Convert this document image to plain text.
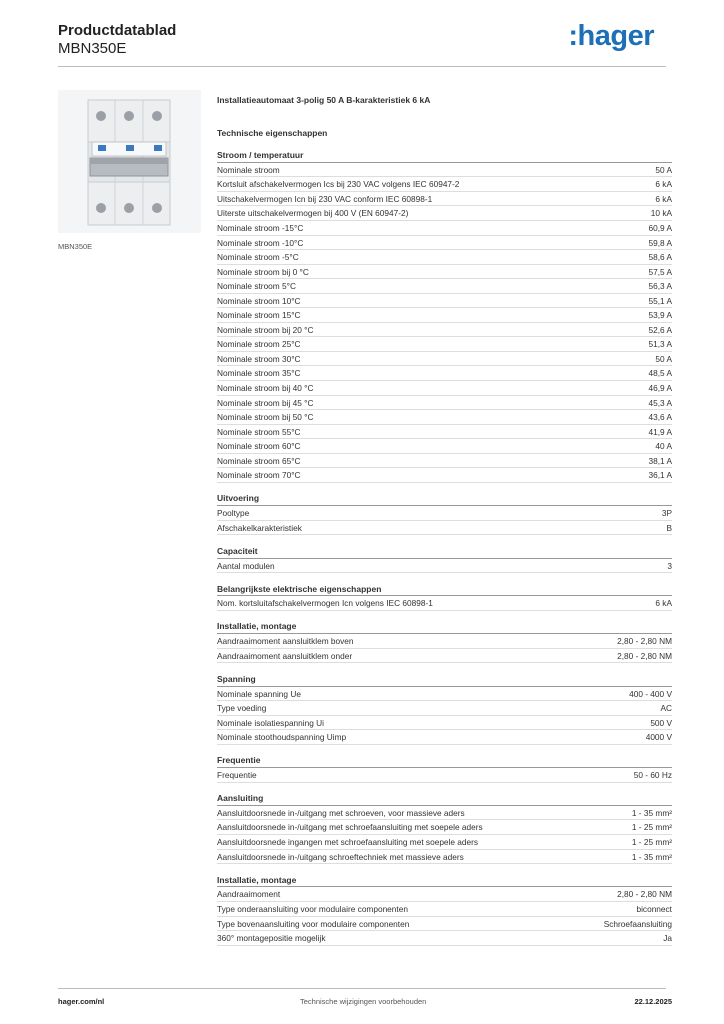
Productdatablad
MBN350E	:hager
MBN350E
Installatieautomaat 3-polig 50 A B-karakteristiek 6 kA
Technische eigenschappen
Stroom / temperatuur
Nominale stroom	50 A
Kortsluit afschakelvermogen Ics bij 230 VAC volgens IEC 60947-2	6 kA
Uitschakelvermogen Icn bij 230 VAC conform IEC 60898-1	6 kA
Uiterste uitschakelvermogen bij 400 V (EN 60947-2)	10 kA
Nominale stroom -15°C	60,9 A
Nominale stroom -10°C	59,8 A
Nominale stroom -5°C	58,6 A
Nominale stroom bij 0 °C	57,5 A
Nominale stroom 5°C	56,3 A
Nominale stroom 10°C	55,1 A
Nominale stroom 15°C	53,9 A
Nominale stroom bij 20 °C	52,6 A
Nominale stroom 25°C	51,3 A
Nominale stroom 30°C	50 A
Nominale stroom 35°C	48,5 A
Nominale stroom bij 40 °C	46,9 A
Nominale stroom bij 45 °C	45,3 A
Nominale stroom bij 50 °C	43,6 A
Nominale stroom 55°C	41,9 A
Nominale stroom 60°C	40 A
Nominale stroom 65°C	38,1 A
Nominale stroom 70°C	36,1 A
Uitvoering
Pooltype	3P
Afschakelkarakteristiek	B
Capaciteit
Aantal modulen	3
Belangrijkste elektrische eigenschappen
Nom. kortsluitafschakelvermogen Icn volgens IEC 60898-1	6 kA
Installatie, montage
Aandraaimoment aansluitklem boven	2,80 - 2,80 NM
Aandraaimoment aansluitklem onder	2,80 - 2,80 NM
Spanning
Nominale spanning Ue	400 - 400 V
Type voeding	AC
Nominale isolatiespanning Ui	500 V
Nominale stoothoudspanning Uimp	4000 V
Frequentie
Frequentie	50 - 60 Hz
Aansluiting
Aansluitdoorsnede in-/uitgang met schroeven, voor massieve aders	1 - 35 mm²
Aansluitdoorsnede in-/uitgang met schroefaansluiting met soepele aders	1 - 25 mm²
Aansluitdoorsnede ingangen met schroefaansluiting met soepele aders	1 - 25 mm²
Aansluitdoorsnede in-/uitgang schroeftechniek met massieve aders	1 - 35 mm²
Installatie, montage
Aandraaimoment	2,80 - 2,80 NM
Type onderaansluiting voor modulaire componenten	biconnect
Type bovenaansluiting voor modulaire componenten	Schroefaansluiting
360° montagepositie mogelijk	Ja
hager.com/nl	Technische wijzigingen voorbehouden	22.12.2025
